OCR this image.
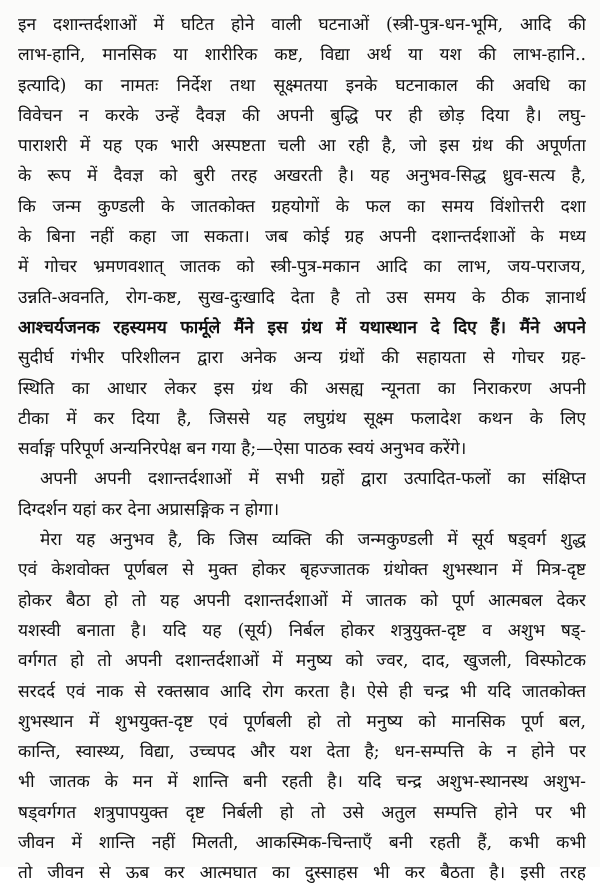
इन दशान्तर्दशाओं में घटित होने वाली घटनाओं (स्त्री-पुत्र-धन-भूमि, आदि की
लाभ-हानि, मानसिक या शारीरिक कष्ट, विद्या अर्थ या यश की लाभ-हानि..
इत्यादि) का नामतः निर्देश तथा सूक्ष्मतया इनके घटनाकाल की अवधि का
विवेचन न करके उन्हें दैवज्ञ की अपनी बुद्धि पर ही छोड़ दिया है। लघु-
पाराशरी में यह एक भारी अस्पष्टता चली आ रही है, जो इस ग्रंथ की अपूर्णता
के रूप में दैवज्ञ को बुरी तरह अखरती है। यह अनुभव-सिद्ध ध्रुव-सत्य है,
कि जन्म कुण्डली के जातकोक्त ग्रहयोगों के फल का समय विंशोत्तरी दशा
के बिना नहीं कहा जा सकता। जब कोई ग्रह अपनी दशान्तर्दशाओं के मध्य
में गोचर भ्रमणवशात् जातक को स्त्री-पुत्र-मकान आदि का लाभ, जय-पराजय,
उन्नति-अवनति, रोग-कष्ट, सुख-दुःखादि देता है तो उस समय के ठीक ज्ञानार्थ
आश्चर्यजनक रहस्यमय फार्मूले मैंने इस ग्रंथ में यथास्थान दे दिए हैं। मैंने अपने
सुदीर्घ गंभीर परिशीलन द्वारा अनेक अन्य ग्रंथों की सहायता से गोचर ग्रह-
स्थिति का आधार लेकर इस ग्रंथ की असह्य न्यूनता का निराकरण अपनी
टीका में कर दिया है, जिससे यह लघुग्रंथ सूक्ष्म फलादेश कथन के लिए
सर्वाङ्ग परिपूर्ण अन्यनिरपेक्ष बन गया है;—ऐसा पाठक स्वयं अनुभव करेंगे।
अपनी अपनी दशान्तर्दशाओं में सभी ग्रहों द्वारा उत्पादित-फलों का संक्षिप्त
दिग्दर्शन यहां कर देना अप्रासङ्गिक न होगा।
मेरा यह अनुभव है, कि जिस व्यक्ति की जन्मकुण्डली में सूर्य षड्वर्ग शुद्ध
एवं केशवोक्त पूर्णबल से मुक्त होकर बृहज्जातक ग्रंथोक्त शुभस्थान में मित्र-दृष्ट
होकर बैठा हो तो यह अपनी दशान्तर्दशाओं में जातक को पूर्ण आत्मबल देकर
यशस्वी बनाता है। यदि यह (सूर्य) निर्बल होकर शत्रुयुक्त-दृष्ट व अशुभ षड्-
वर्गगत हो तो अपनी दशान्तर्दशाओं में मनुष्य को ज्वर, दाद, खुजली, विस्फोटक
सरदर्द एवं नाक से रक्तस्राव आदि रोग करता है। ऐसे ही चन्द्र भी यदि जातकोक्त
शुभस्थान में शुभयुक्त-दृष्ट एवं पूर्णबली हो तो मनुष्य को मानसिक पूर्ण बल,
कान्ति, स्वास्थ्य, विद्या, उच्चपद और यश देता है; धन-सम्पत्ति के न होने पर
भी जातक के मन में शान्ति बनी रहती है। यदि चन्द्र अशुभ-स्थानस्थ अशुभ-
षड्वर्गगत शत्रुपापयुक्त दृष्ट निर्बली हो तो उसे अतुल सम्पत्ति होने पर भी
जीवन में शान्ति नहीं मिलती, आकस्मिक-चिन्ताएँ बनी रहती हैं, कभी कभी
तो जीवन से ऊब कर आत्मघात का दुस्साहस भी कर बैठता है। इसी तरह
